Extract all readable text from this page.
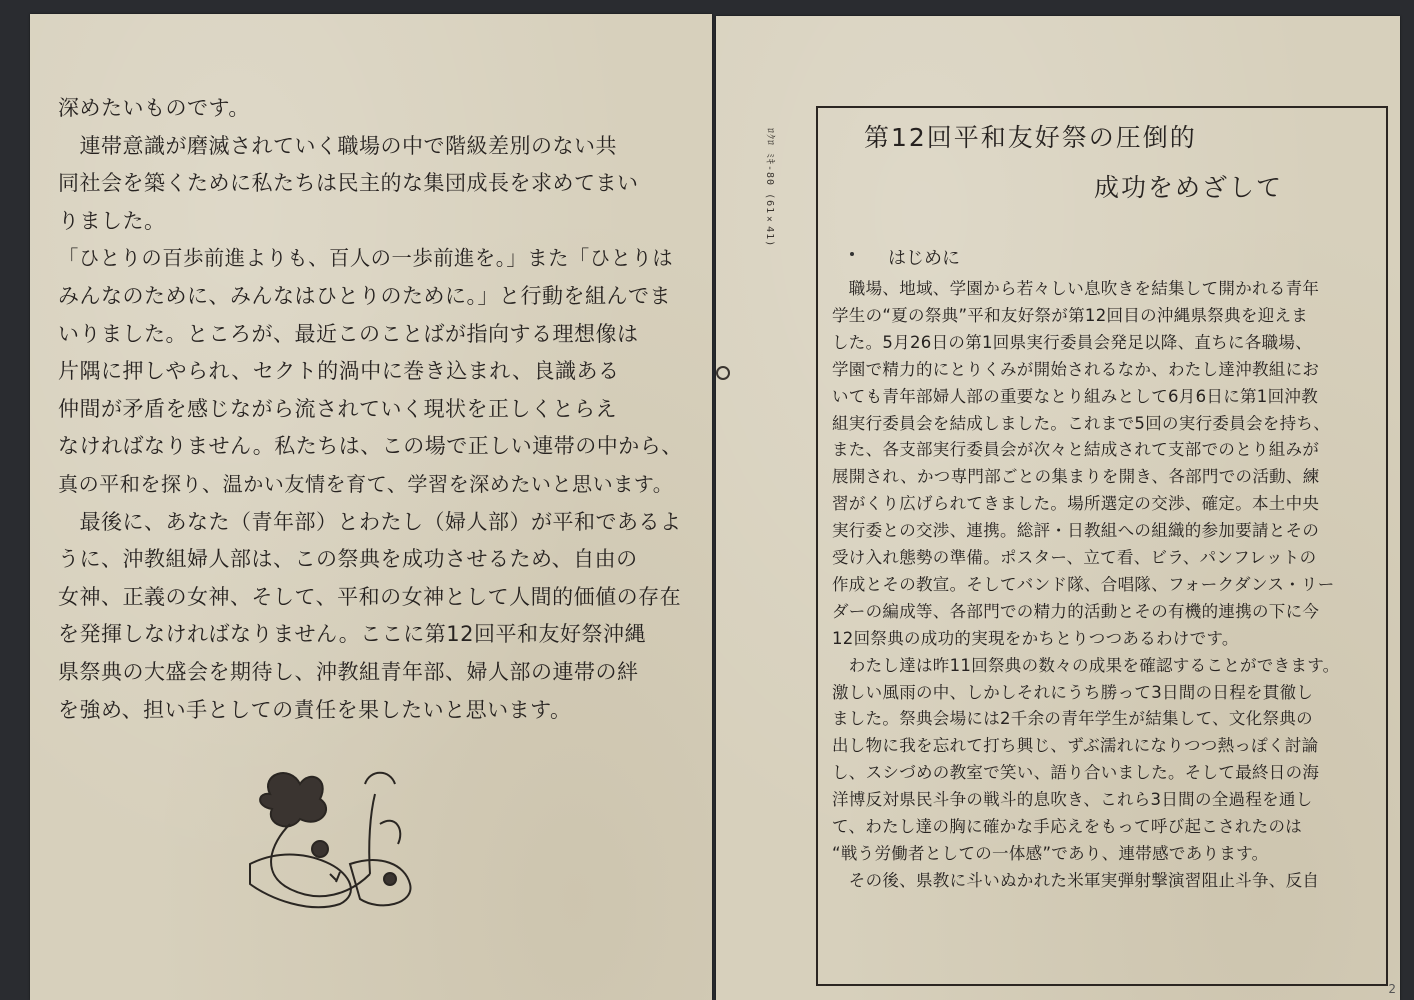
深めたいものです。
　連帯意識が磨滅されていく職場の中で階級差別のない共
同社会を築くために私たちは民主的な集団成長を求めてまい
りました。
「ひとりの百歩前進よりも、百人の一歩前進を。」また「ひとりは
みんなのために、みんなはひとりのために。」と行動を組んでま
いりました。ところが、最近このことばが指向する理想像は
片隅に押しやられ、セクト的渦中に巻き込まれ、良識ある
仲間が矛盾を感じながら流されていく現状を正しくとらえ
なければなりません。私たちは、この場で正しい連帯の中から、
真の平和を探り、温かい友情を育て、学習を深めたいと思います。
　最後に、あなた（青年部）とわたし（婦人部）が平和であるよ
うに、沖教組婦人部は、この祭典を成功させるため、自由の
女神、正義の女神、そして、平和の女神として人間的価値の存在
を発揮しなければなりません。ここに第12回平和友好祭沖縄
県祭典の大盛会を期待し、沖教組青年部、婦人部の連帯の絆
を強め、担い手としての責任を果したいと思います。
ﾛｸﾛ ﾐｷ-80 (61×41)	第12回平和友好祭の圧倒的
成功をめざして
はじめに
　職場、地域、学園から若々しい息吹きを結集して開かれる青年
学生の“夏の祭典”平和友好祭が第12回目の沖縄県祭典を迎えま
した。5月26日の第1回県実行委員会発足以降、直ちに各職場、
学園で精力的にとりくみが開始されるなか、わたし達沖教組にお
いても青年部婦人部の重要なとり組みとして6月6日に第1回沖教
組実行委員会を結成しました。これまで5回の実行委員会を持ち、
また、各支部実行委員会が次々と結成されて支部でのとり組みが
展開され、かつ専門部ごとの集まりを開き、各部門での活動、練
習がくり広げられてきました。場所選定の交渉、確定。本土中央
実行委との交渉、連携。総評・日教組への組織的参加要請とその
受け入れ態勢の準備。ポスター、立て看、ビラ、パンフレットの
作成とその教宣。そしてバンド隊、合唱隊、フォークダンス・リー
ダーの編成等、各部門での精力的活動とその有機的連携の下に今
12回祭典の成功的実現をかちとりつつあるわけです。
　わたし達は昨11回祭典の数々の成果を確認することができます。
激しい風雨の中、しかしそれにうち勝って3日間の日程を貫徹し
ました。祭典会場には2千余の青年学生が結集して、文化祭典の
出し物に我を忘れて打ち興じ、ずぶ濡れになりつつ熱っぽく討論
し、スシづめの教室で笑い、語り合いました。そして最終日の海
洋博反対県民斗争の戦斗的息吹き、これら3日間の全過程を通し
て、わたし達の胸に確かな手応えをもって呼び起こされたのは
“戦う労働者としての一体感”であり、連帯感であります。
　その後、県教に斗いぬかれた米軍実弾射撃演習阻止斗争、反自
2
